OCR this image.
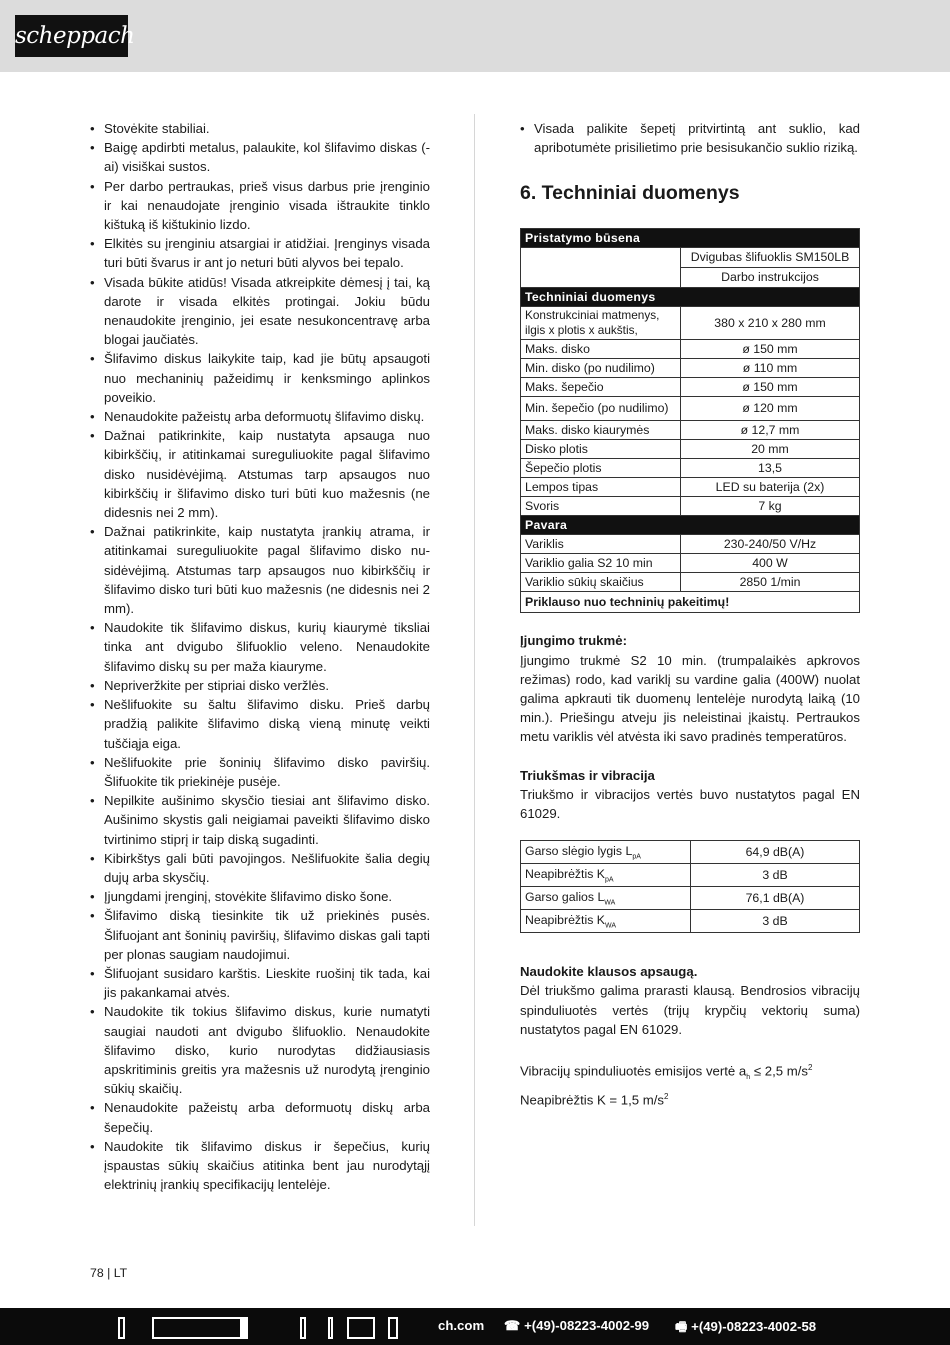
scheppach
• Stovėkite stabiliai.
• Baigę apdirbti metalus, palaukite, kol šlifavimo diskas (-ai) visiškai sustos.
• Per darbo pertraukas, prieš visus darbus prie įrenginio ir kai nenaudojate įrenginio visada ištraukite tinklo kištuką iš kištukinio lizdo.
• Elkitės su įrenginiu atsargiai ir atidžiai. Įrenginys visada turi būti švarus ir ant jo neturi būti alyvos bei tepalo.
• Visada būkite atidūs! Visada atkreipkite dėmesį į tai, ką darote ir visada elkitės protingai. Jokiu būdu nenaudokite įrenginio, jei esate nesukoncentravę arba blogai jaučiatės.
• Šlifavimo diskus laikykite taip, kad jie būtų apsaugoti nuo mechaninių pažeidimų ir kenksmingo aplinkos poveikio.
• Nenaudokite pažeistų arba deformuotų šlifavimo diskų.
• Dažnai patikrinkite, kaip nustatyta apsauga nuo kibirkščių, ir atitinkamai sureguliuokite pagal šlifavimo disko nusidėvėjimą. Atstumas tarp apsaugos nuo kibirkščių ir šlifavimo disko turi būti kuo mažesnis (ne didesnis nei 2 mm).
• Dažnai patikrinkite, kaip nustatyta įrankių atrama, ir atitinkamai sureguliuokite pagal šlifavimo disko nusidėvėjimą. Atstumas tarp apsaugos nuo kibirkščių ir šlifavimo disko turi būti kuo mažesnis (ne didesnis nei 2 mm).
• Naudokite tik šlifavimo diskus, kurių kiaurymė tiksliai tinka ant dvigubo šlifuoklio veleno. Nenaudokite šlifavimo diskų su per maža kiauryme.
• Nepriveržkite per stipriai disko veržlės.
• Nešlifuokite su šaltu šlifavimo disku. Prieš darbų pradžią palikite šlifavimo diską vieną minutę veikti tuščiąja eiga.
• Nešlifuokite prie šoninių šlifavimo disko paviršių. Šlifuokite tik priekinėje pusėje.
• Nepilkite aušinimo skysčio tiesiai ant šlifavimo disko. Aušinimo skystis gali neigiamai paveikti šlifavimo disko tvirtinimo stiprį ir taip diską sugadinti.
• Kibirkštys gali būti pavojingos. Nešlifuokite šalia degių dujų arba skysčių.
• Įjungdami įrenginį, stovėkite šlifavimo disko šone.
• Šlifavimo diską tiesinkite tik už priekinės pusės. Šlifuojant ant šoninių paviršių, šlifavimo diskas gali tapti per plonas saugiam naudojimui.
• Šlifuojant susidaro karštis. Lieskite ruošinį tik tada, kai jis pakankamai atvės.
• Naudokite tik tokius šlifavimo diskus, kurie numatyti saugiai naudoti ant dvigubo šlifuoklio. Nenaudokite šlifavimo disko, kurio nurodytas didžiausiasis apskritiminis greitis yra mažesnis už nurodytą įrenginio sūkių skaičių.
• Nenaudokite pažeistų arba deformuotų diskų arba šepečių.
• Naudokite tik šlifavimo diskus ir šepečius, kurių įspaustas sūkių skaičius atitinka bent jau nurodytąjį elektrinių įrankių specifikacijų lentelėje.
• Visada palikite šepetį pritvirtintą ant suklio, kad apribotumėte prisilietimo prie besisukančio suklio riziką.
6. Techniniai duomenys
Pristatymo būsena	
	Dvigubas šlifuoklis SM150LB
	Darbo instrukcijos
Techniniai duomenys	
Konstrukciniai matmenys, ilgis x plotis x aukštis,	380 x 210 x 280 mm
Maks. disko	ø 150 mm
Min. disko (po nudilimo)	ø 110 mm
Maks. šepečio	ø 150 mm
Min. šepečio (po nudilimo)	ø 120 mm
Maks. disko kiaurymės	ø 12,7 mm
Disko plotis	20 mm
Šepečio plotis	13,5
Lempos tipas	LED su baterija (2x)
Svoris	7 kg
Pavara	
Variklis	230-240/50 V/Hz
Variklio galia S2 10 min	400 W
Variklio sūkių skaičius	2850 1/min
Priklauso nuo techninių pakeitimų!	

Įjungimo trukmė:

Įjungimo trukmė S2 10 min. (trumpalaikės apkrovos režimas) rodo, kad variklį su vardine galia (400W) nuolat galima apkrauti tik duomenų lentelėje nurodytą laiką (10 min.). Priešingu atveju jis neleistinai įkaistų. Pertraukos metu variklis vėl atvėsta iki savo pradinės temperatūros.

Triukšmas ir vibracija

Triukšmo ir vibracijos vertės buvo nustatytos pagal EN 61029.

Garso slėgio lygis $L_{pA}$	64,9 dB(A)
Neapibrėžtis $K_{pA}$	3 dB
Garso galios $L_{WA}$	76,1 dB(A)
Neapibrėžtis $K_{WA}$	3 dB

Naudokite klausos apsaugą.

Dėl triukšmo galima prarasti klausą. Bendrosios vibracijų spinduliuotės vertės (trijų krypčių vektorių suma) nustatytos pagal EN 61029.

Vibracijų spinduliuotės emisijos vertė $a_h \le 2,5$ $m/s^2$

Neapibrėžtis K = 1,5 $m/s^2$

78 | LT
ch.com ☎ +(49)-08223-4002-99 🖷 +(49)-08223-4002-58
